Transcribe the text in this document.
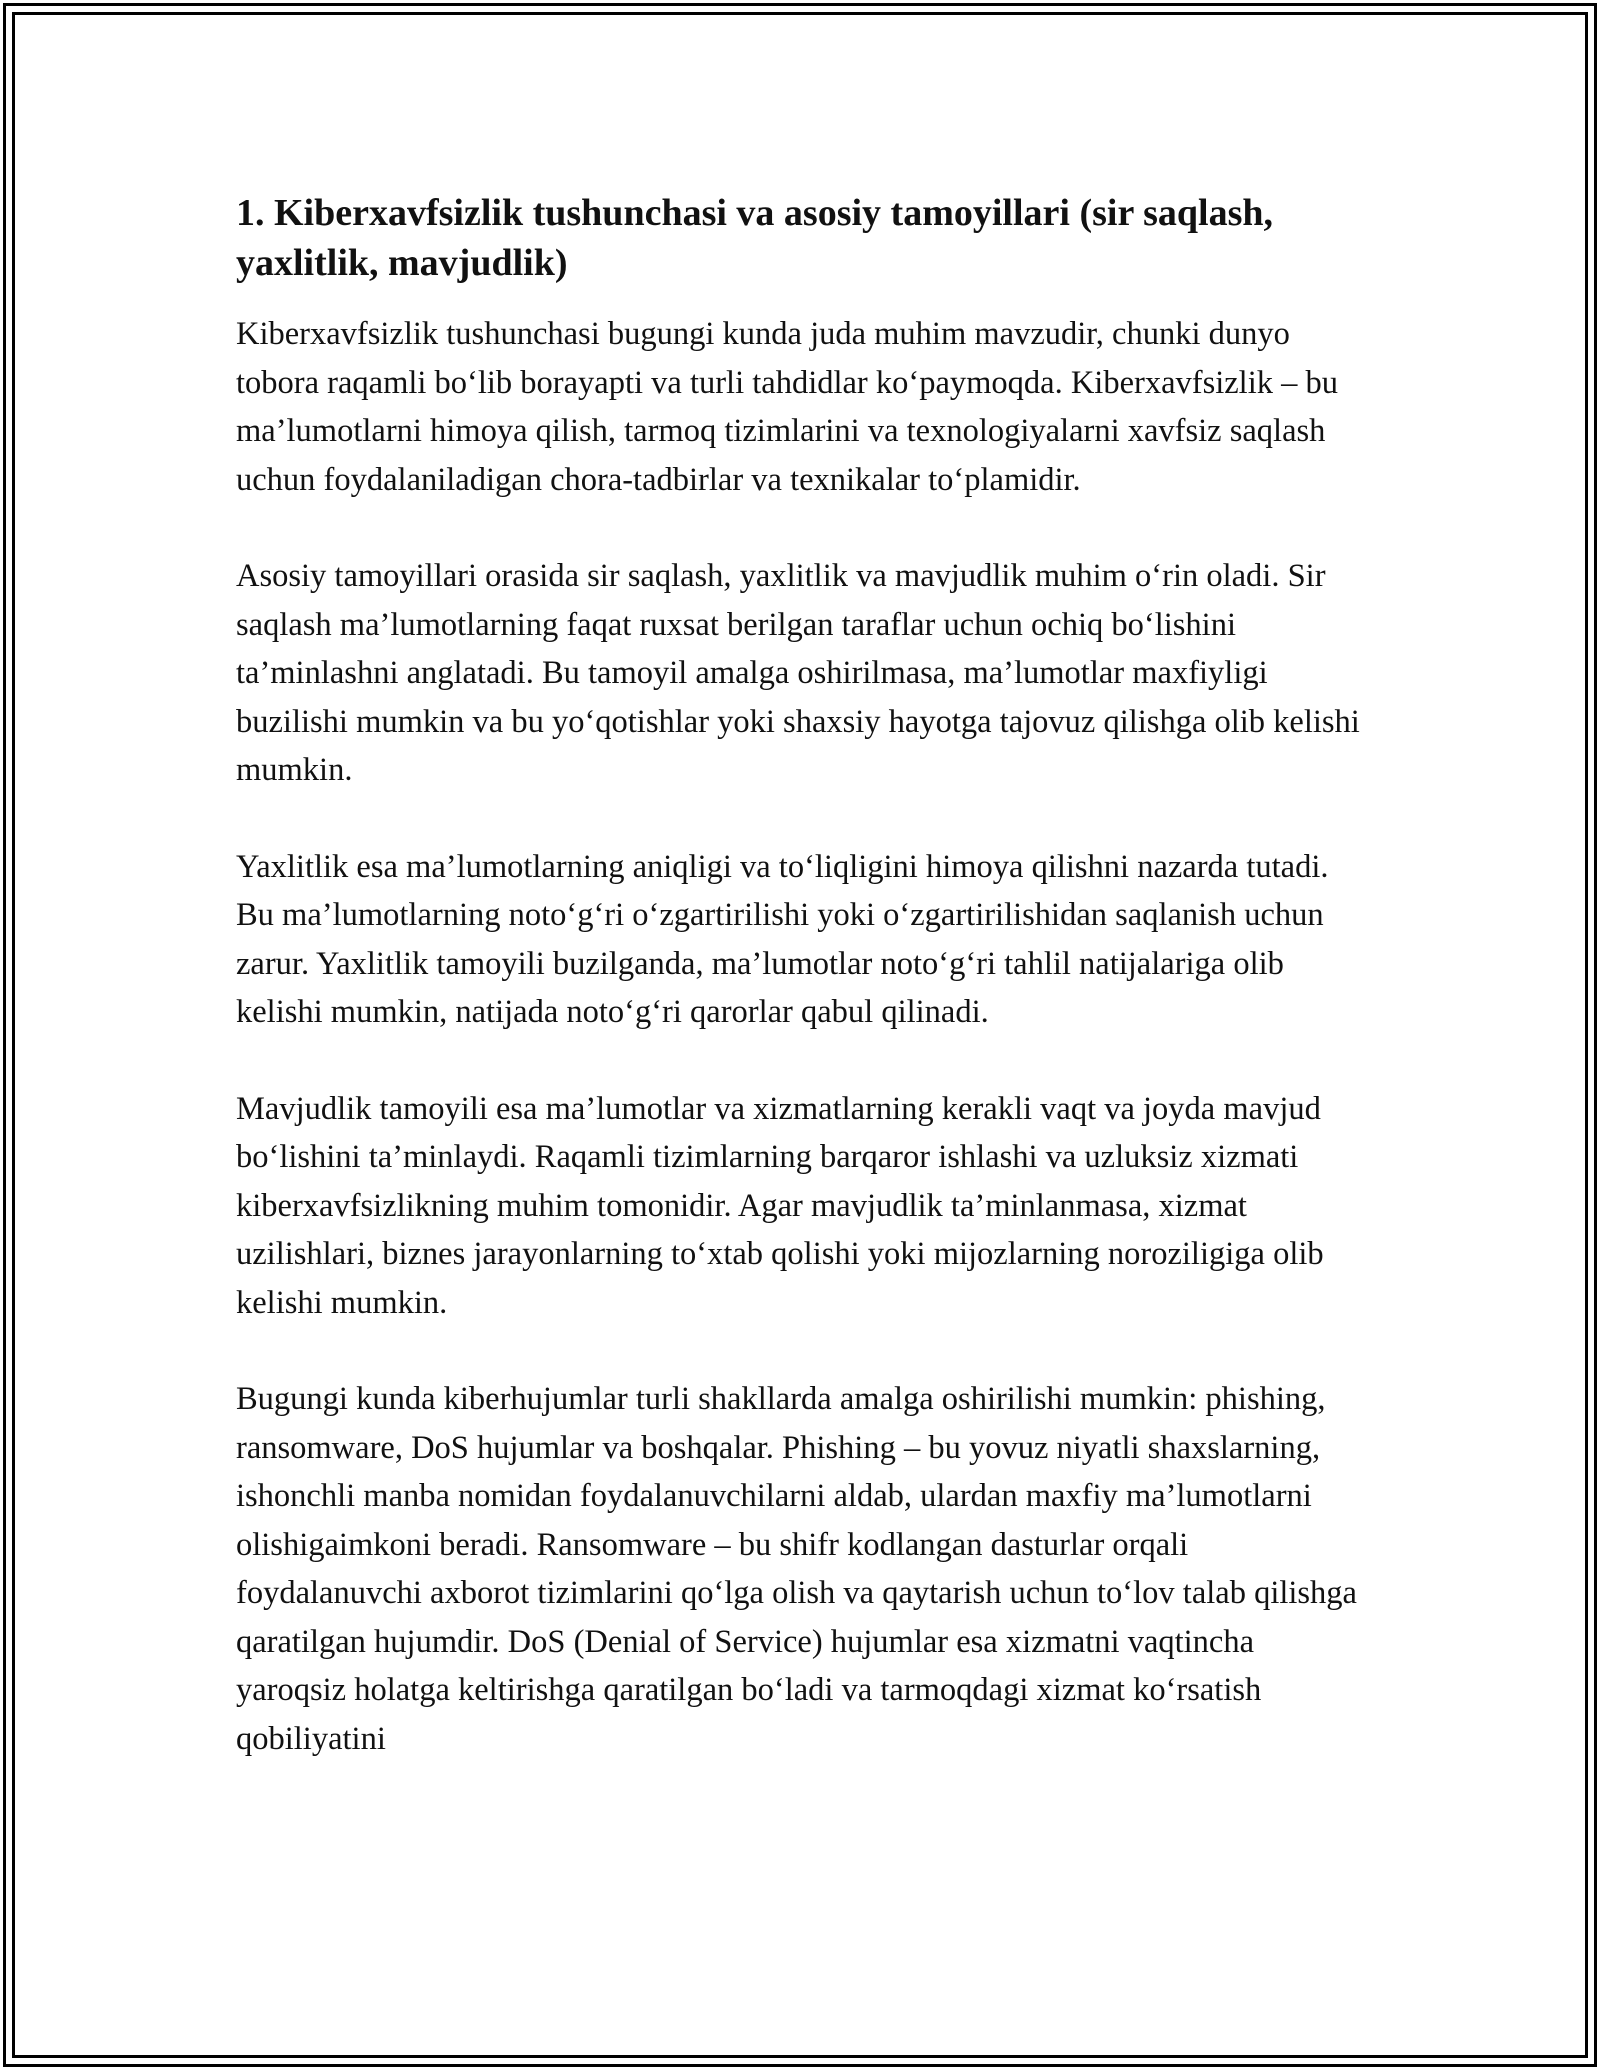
1. Kiberxavfsizlik tushunchasi va asosiy tamoyillari (sir saqlash, yaxlitlik, mavjudlik)

Kiberxavfsizlik tushunchasi bugungi kunda juda muhim mavzudir, chunki dunyo tobora raqamli bo‘lib borayapti va turli tahdidlar ko‘paymoqda. Kiberxavfsizlik – bu ma’lumotlarni himoya qilish, tarmoq tizimlarini va texnologiyalarni xavfsiz saqlash uchun foydalaniladigan chora-tadbirlar va texnikalar to‘plamidir.

Asosiy tamoyillari orasida sir saqlash, yaxlitlik va mavjudlik muhim o‘rin oladi. Sir saqlash ma’lumotlarning faqat ruxsat berilgan taraflar uchun ochiq bo‘lishini ta’minlashni anglatadi. Bu tamoyil amalga oshirilmasa, ma’lumotlar maxfiyligi buzilishi mumkin va bu yo‘qotishlar yoki shaxsiy hayotga tajovuz qilishga olib kelishi mumkin.

Yaxlitlik esa ma’lumotlarning aniqligi va to‘liqligini himoya qilishni nazarda tutadi. Bu ma’lumotlarning noto‘g‘ri o‘zgartirilishi yoki o‘zgartirilishidan saqlanish uchun zarur. Yaxlitlik tamoyili buzilganda, ma’lumotlar noto‘g‘ri tahlil natijalariga olib kelishi mumkin, natijada noto‘g‘ri qarorlar qabul qilinadi.

Mavjudlik tamoyili esa ma’lumotlar va xizmatlarning kerakli vaqt va joyda mavjud bo‘lishini ta’minlaydi. Raqamli tizimlarning barqaror ishlashi va uzluksiz xizmati kiberxavfsizlikning muhim tomonidir. Agar mavjudlik ta’minlanmasa, xizmat uzilishlari, biznes jarayonlarning to‘xtab qolishi yoki mijozlarning noroziligiga olib kelishi mumkin.

Bugungi kunda kiberhujumlar turli shakllarda amalga oshirilishi mumkin: phishing, ransomware, DoS hujumlar va boshqalar. Phishing – bu yovuz niyatli shaxslarning, ishonchli manba nomidan foydalanuvchilarni aldab, ulardan maxfiy ma’lumotlarni olishigaimkoni beradi. Ransomware – bu shifr kodlangan dasturlar orqali foydalanuvchi axborot tizimlarini qo‘lga olish va qaytarish uchun to‘lov talab qilishga qaratilgan hujumdir. DoS (Denial of Service) hujumlar esa xizmatni vaqtincha yaroqsiz holatga keltirishga qaratilgan bo‘ladi va tarmoqdagi xizmat ko‘rsatish qobiliyatini
